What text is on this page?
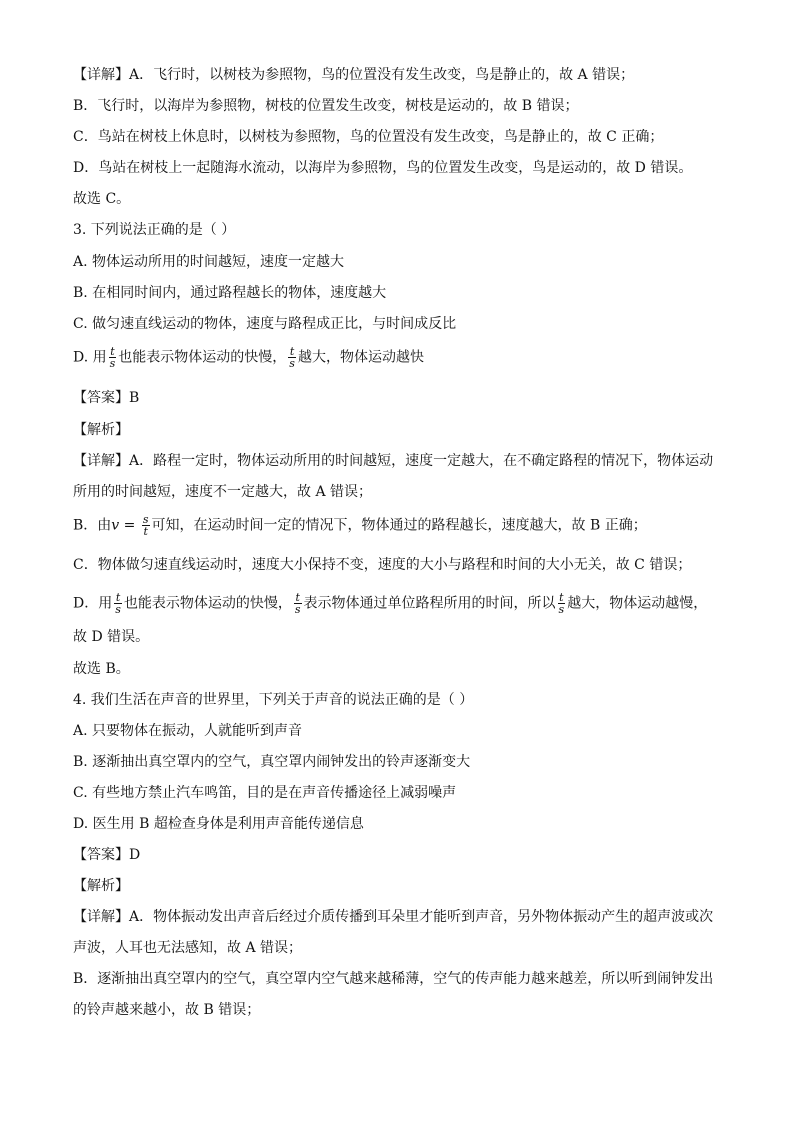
【详解】A．飞行时，以树枝为参照物，鸟的位置没有发生改变，鸟是静止的，故 A 错误；
B．飞行时，以海岸为参照物，树枝的位置发生改变，树枝是运动的，故 B 错误；
C．鸟站在树枝上休息时，以树枝为参照物，鸟的位置没有发生改变，鸟是静止的，故 C 正确；
D．鸟站在树枝上一起随海水流动，以海岸为参照物，鸟的位置发生改变，鸟是运动的，故 D 错误。
故选 C。
3. 下列说法正确的是（ ）
A. 物体运动所用的时间越短，速度一定越大
B. 在相同时间内，通过路程越长的物体，速度越大
C. 做匀速直线运动的物体，速度与路程成正比，与时间成反比
D. 用 $\frac{t}{s}$ 也能表示物体运动的快慢， $\frac{t}{s}$ 越大，物体运动越快
【答案】B
【解析】
【详解】A．路程一定时，物体运动所用的时间越短，速度一定越大，在不确定路程的情况下，物体运动
所用的时间越短，速度不一定越大，故 A 错误；
B．由$v = \frac{s}{t}$ 可知，在运动时间一定的情况下，物体通过的路程越长，速度越大，故 B 正确；
C．物体做匀速直线运动时，速度大小保持不变，速度的大小与路程和时间的大小无关，故 C 错误；
D．用 $\frac{t}{s}$ 也能表示物体运动的快慢， $\frac{t}{s}$ 表示物体通过单位路程所用的时间，所以 $\frac{t}{s}$ 越大，物体运动越慢，
故 D 错误。
故选 B。
4. 我们生活在声音的世界里，下列关于声音的说法正确的是（ ）
A. 只要物体在振动，人就能听到声音
B. 逐渐抽出真空罩内的空气，真空罩内闹钟发出的铃声逐渐变大
C. 有些地方禁止汽车鸣笛，目的是在声音传播途径上减弱噪声
D. 医生用 B 超检查身体是利用声音能传递信息
【答案】D
【解析】
【详解】A．物体振动发出声音后经过介质传播到耳朵里才能听到声音，另外物体振动产生的超声波或次
声波，人耳也无法感知，故 A 错误；
B．逐渐抽出真空罩内的空气，真空罩内空气越来越稀薄，空气的传声能力越来越差，所以听到闹钟发出
的铃声越来越小，故 B 错误；
